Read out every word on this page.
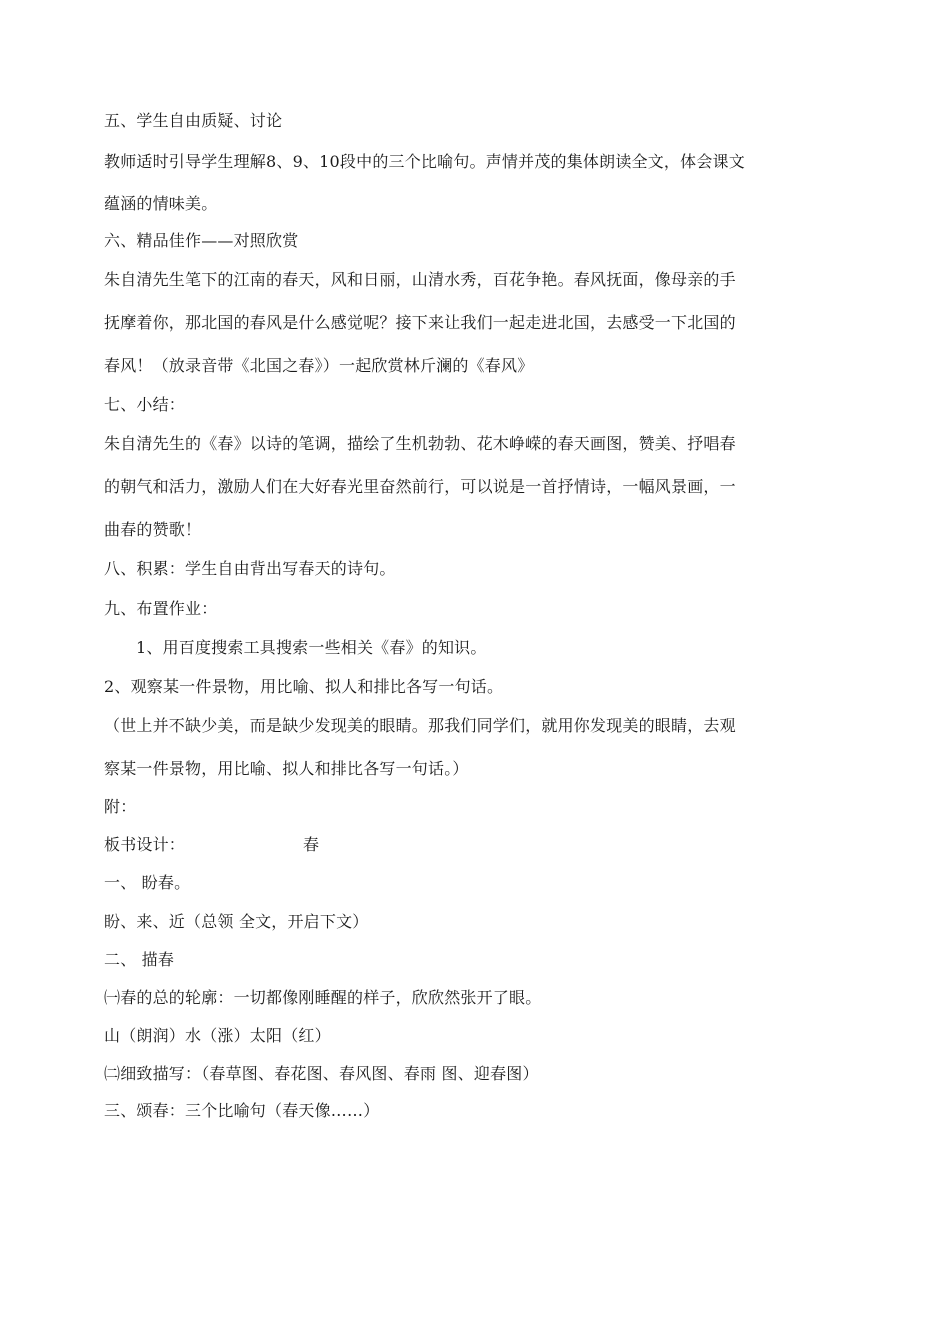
五、学生自由质疑、讨论
教师适时引导学生理解8、9、10段中的三个比喻句。声情并茂的集体朗读全文，体会课文
蕴涵的情味美。
六、精品佳作——对照欣赏
朱自清先生笔下的江南的春天，风和日丽，山清水秀，百花争艳。春风抚面，像母亲的手
抚摩着你，那北国的春风是什么感觉呢？接下来让我们一起走进北国，去感受一下北国的
春风！（放录音带《北国之春》）一起欣赏林斤澜的《春风》
七、小结：
朱自清先生的《春》以诗的笔调，描绘了生机勃勃、花木峥嵘的春天画图，赞美、抒唱春
的朝气和活力，激励人们在大好春光里奋然前行，可以说是一首抒情诗，一幅风景画，一
曲春的赞歌！
八、积累：学生自由背出写春天的诗句。
九、布置作业：
1、用百度搜索工具搜索一些相关《春》的知识。
2、观察某一件景物，用比喻、拟人和排比各写一句话。
（世上并不缺少美，而是缺少发现美的眼睛。那我们同学们，就用你发现美的眼睛，去观
察某一件景物，用比喻、拟人和排比各写一句话。）
附：
板书设计：	春
一、 盼春。
盼、来、近（总领 全文，开启下文）
二、 描春
㈠春的总的轮廓：一切都像刚睡醒的样子，欣欣然张开了眼。
山（朗润）水（涨）太阳（红）
㈡细致描写：（春草图、春花图、春风图、春雨 图、迎春图）
三、颂春：三个比喻句（春天像……）
